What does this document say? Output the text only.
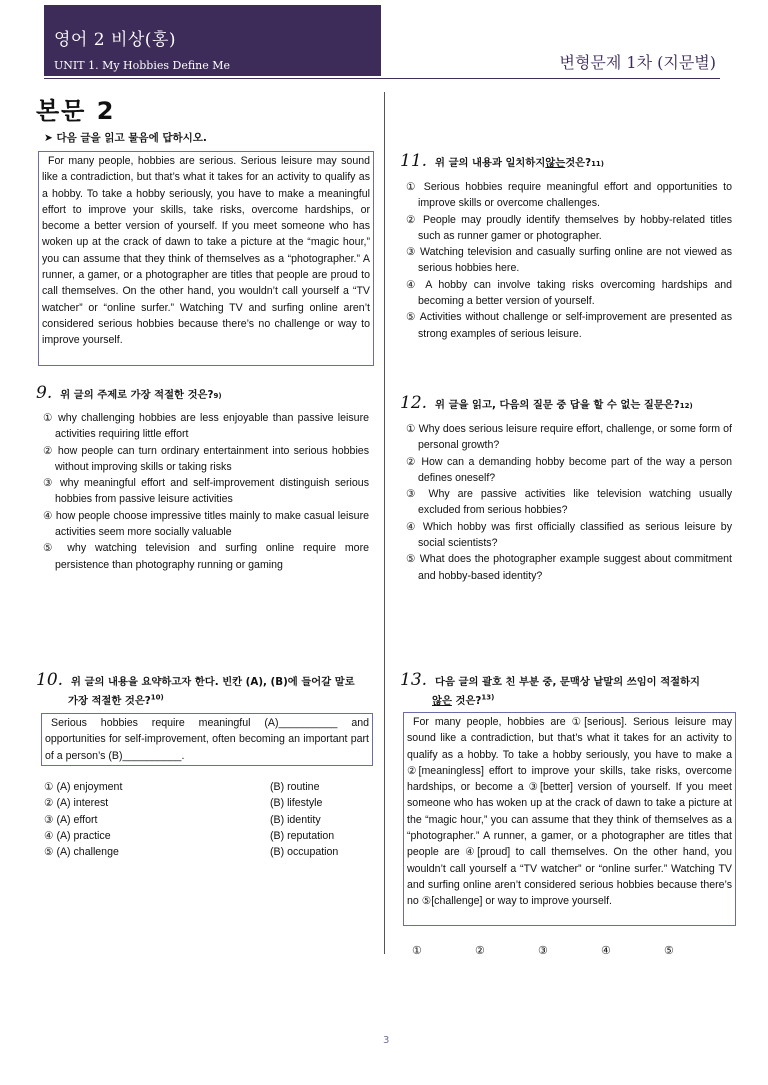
영어 2 비상(홍)
UNIT 1. My Hobbies Define Me	변형문제 1차 (지문별)
본문 2
➤ 다음 글을 읽고 물음에 답하시오.
For many people, hobbies are serious. Serious leisure may sound like a contradiction, but that’s what it takes for an activity to qualify as a hobby. To take a hobby seriously, you have to make a meaningful effort to improve your skills, take risks, overcome hardships, or become a better version of yourself. If you meet someone who has woken up at the crack of dawn to take a picture at the “magic hour,” you can assume that they think of themselves as a “photographer.” A runner, a gamer, or a photographer are titles that people are proud to call themselves. On the other hand, you wouldn’t call yourself a “TV watcher” or “online surfer.” Watching TV and surfing online aren’t considered serious hobbies because there’s no challenge or way to improve yourself.
9. 위 글의 주제로 가장 적절한 것은? 9)
① why challenging hobbies are less enjoyable than passive leisure activities requiring little effort
② how people can turn ordinary entertainment into serious hobbies without improving skills or taking risks
③ why meaningful effort and self-improvement distinguish serious hobbies from passive leisure activities
④ how people choose impressive titles mainly to make casual leisure activities seem more socially valuable
⑤ why watching television and surfing online require more persistence than photography running or gaming
10. 위 글의 내용을 요약하고자 한다. 빈칸 (A), (B)에 들어갈 말로
가장 적절한 것은?$^{10)}$
Serious hobbies require meaningful (A)__________ and opportunities for self-improvement, often becoming an important part of a person’s (B)__________.
① (A) enjoyment	(B) routine
② (A) interest	(B) lifestyle
③ (A) effort	(B) identity
④ (A) practice	(B) reputation
⑤ (A) challenge	(B) occupation
11. 위 글의 내용과 일치하지 않는 것은? 11)
① Serious hobbies require meaningful effort and opportunities to improve skills or overcome challenges.
② People may proudly identify themselves by hobby-related titles such as runner gamer or photographer.
③ Watching television and casually surfing online are not viewed as serious hobbies here.
④ A hobby can involve taking risks overcoming hardships and becoming a better version of yourself.
⑤ Activities without challenge or self-improvement are presented as strong examples of serious leisure.
12. 위 글을 읽고, 다음의 질문 중 답을 할 수 없는 질문은? 12)
① Why does serious leisure require effort, challenge, or some form of personal growth?
② How can a demanding hobby become part of the way a person defines oneself?
③ Why are passive activities like television watching usually excluded from serious hobbies?
④ Which hobby was first officially classified as serious leisure by social scientists?
⑤ What does the photographer example suggest about commitment and hobby-based identity?
13. 다음 글의 괄호 친 부분 중, 문맥상 낱말의 쓰임이 적절하지
않은 것은?$^{13)}$
For many people, hobbies are ①[serious]. Serious leisure may sound like a contradiction, but that’s what it takes for an activity to qualify as a hobby. To take a hobby seriously, you have to make a ②[meaningless] effort to improve your skills, take risks, overcome hardships, or become a ③[better] version of yourself. If you meet someone who has woken up at the crack of dawn to take a picture at the “magic hour,” you can assume that they think of themselves as a “photographer.” A runner, a gamer, or a photographer are titles that people are ④[proud] to call themselves. On the other hand, you wouldn’t call yourself a “TV watcher” or “online surfer.” Watching TV and surfing online aren’t considered serious hobbies because there’s no ⑤[challenge] or way to improve yourself.
①	②	③	④	⑤
3
